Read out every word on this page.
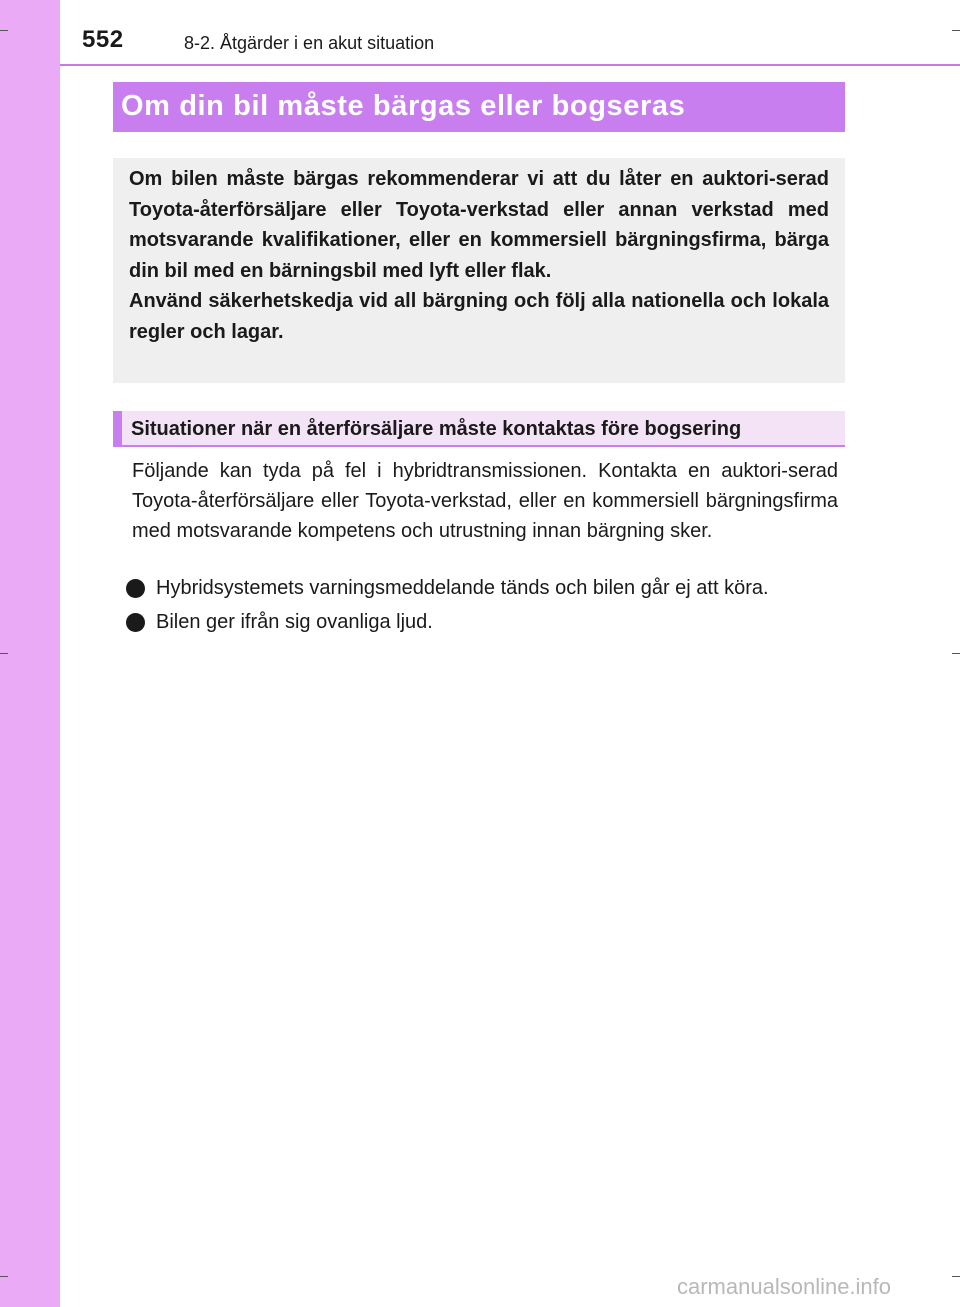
552	8-2. Åtgärder i en akut situation
Om din bil måste bärgas eller bogseras

Om bilen måste bärgas rekommenderar vi att du låter en auktori-serad Toyota-återförsäljare eller Toyota-verkstad eller annan verkstad med motsvarande kvalifikationer, eller en kommersiell bärgningsfirma, bärga din bil med en bärningsbil med lyft eller flak.

Använd säkerhetskedja vid all bärgning och följ alla nationella och lokala regler och lagar.

Situationer när en återförsäljare måste kontaktas före bogsering

Följande kan tyda på fel i hybridtransmissionen. Kontakta en auktori-serad Toyota-återförsäljare eller Toyota-verkstad, eller en kommersiell bärgningsfirma med motsvarande kompetens och utrustning innan bärgning sker.

Hybridsystemets varningsmeddelande tänds och bilen går ej att köra.
Bilen ger ifrån sig ovanliga ljud.
carmanualsonline.info
